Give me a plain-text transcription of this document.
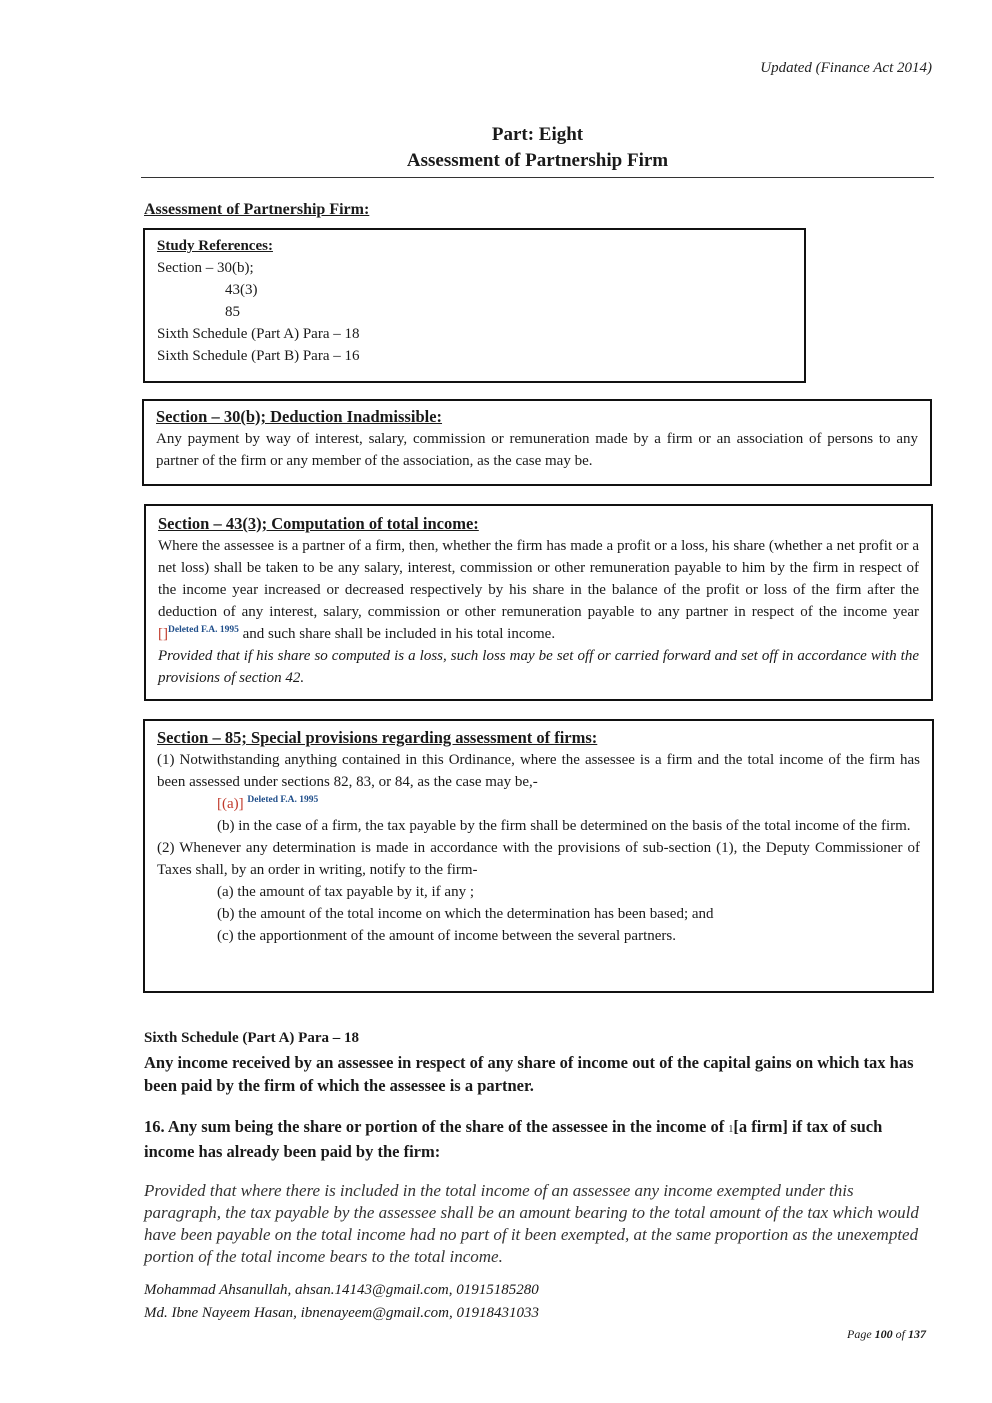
Updated (Finance Act 2014)
Part: Eight
Assessment of Partnership Firm
Assessment of Partnership Firm:
Study References:
Section – 30(b);
43(3)
85
Sixth Schedule (Part A) Para – 18
Sixth Schedule (Part B) Para – 16
Section – 30(b); Deduction Inadmissible:
Any payment by way of interest, salary, commission or remuneration made by a firm or an association of persons to any partner of the firm or any member of the association, as the case may be.
Section – 43(3); Computation of total income:
Where the assessee is a partner of a firm, then, whether the firm has made a profit or a loss, his share (whether a net profit or a net loss) shall be taken to be any salary, interest, commission or other remuneration payable to him by the firm in respect of the income year increased or decreased respectively by his share in the balance of the profit or loss of the firm after the deduction of any interest, salary, commission or other remuneration payable to any partner in respect of the income year []$^{Deleted F.A. 1995}$ and such share shall be included in his total income.
Provided that if his share so computed is a loss, such loss may be set off or carried forward and set off in accordance with the provisions of section 42.
Section – 85; Special provisions regarding assessment of firms:
(1) Notwithstanding anything contained in this Ordinance, where the assessee is a firm and the total income of the firm has been assessed under sections 82, 83, or 84, as the case may be,-
[(a)] $^{Deleted F.A. 1995}$
(b) in the case of a firm, the tax payable by the firm shall be determined on the basis of the total income of the firm.
(2) Whenever any determination is made in accordance with the provisions of sub-section (1), the Deputy Commissioner of Taxes shall, by an order in writing, notify to the firm-
(a) the amount of tax payable by it, if any ;
(b) the amount of the total income on which the determination has been based; and
(c) the apportionment of the amount of income between the several partners.
Sixth Schedule (Part A) Para – 18
Any income received by an assessee in respect of any share of income out of the capital gains on which tax has been paid by the firm of which the assessee is a partner.
16. Any sum being the share or portion of the share of the assessee in the income of 1[a firm] if tax of such income has already been paid by the firm:
Provided that where there is included in the total income of an assessee any income exempted under this paragraph, the tax payable by the assessee shall be an amount bearing to the total amount of the tax which would have been payable on the total income had no part of it been exempted, at the same proportion as the unexempted portion of the total income bears to the total income.
Mohammad Ahsanullah, ahsan.14143@gmail.com, 01915185280
Md. Ibne Nayeem Hasan, ibnenayeem@gmail.com, 01918431033
Page 100 of 137
